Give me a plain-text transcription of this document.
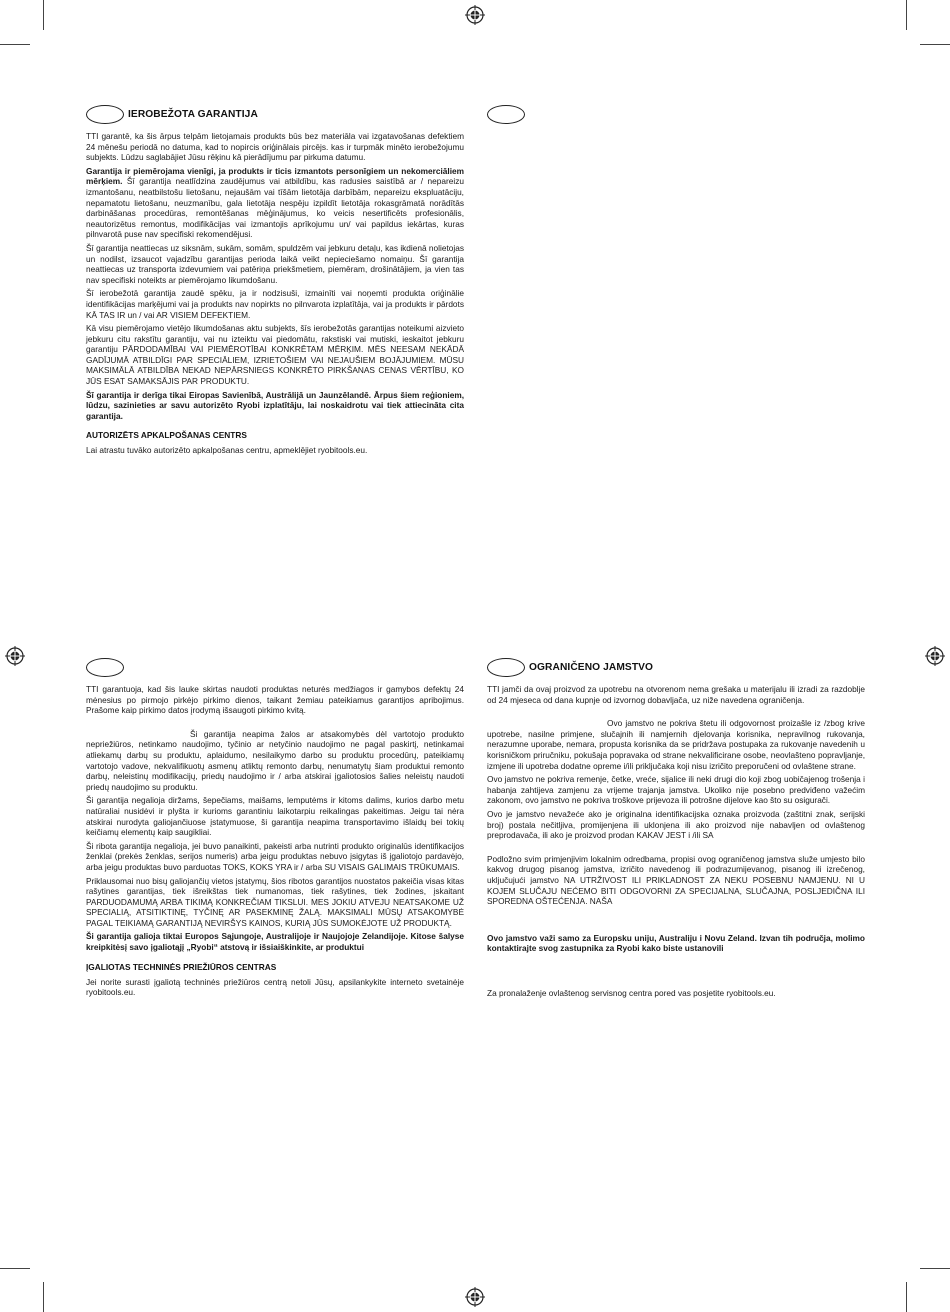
IEROBEŽOTA GARANTIJA

TTI garantē, ka šis ārpus telpām lietojamais produkts būs bez materiāla vai izgatavošanas defektiem 24 mēnešu periodā no datuma, kad to nopircis oriģinālais pircējs. kas ir turpmāk minēto ierobežojumu subjekts. Lūdzu saglabājiet Jūsu rēķinu kā pierādījumu par pirkuma datumu.

Garantija ir piemērojama vienīgi, ja produkts ir ticis izmantots personīgiem un nekomerciāliem mērķiem. Šī garantija neatlīdzina zaudējumus vai atbildību, kas radusies saistībā ar / nepareizu izmantošanu, neatbilstošu lietošanu, nejaušām vai tīšām lietotāja darbībām, nepareizu ekspluatāciju, nepamatotu lietošanu, neuzmanību, gala lietotāja nespēju izpildīt lietotāja rokasgrāmatā norādītās darbināšanas procedūras, remontēšanas mēģinājumus, ko veicis nesertificēts profesionālis, neautorizētus remontus, modifikācijas vai izmantojis aprīkojumu un/ vai papildus iekārtas, kuras pilnvarotā puse nav specifiski rekomendējusi.

Šī garantija neattiecas uz siksnām, sukām, somām, spuldzēm vai jebkuru detaļu, kas ikdienā nolietojas un nodilst, izsaucot vajadzību garantijas perioda laikā veikt nepieciešamo nomaiņu. Šī garantija neattiecas uz transporta izdevumiem vai patēriņa priekšmetiem, piemēram, drošinātājiem, ja vien tas nav specifiski noteikts ar piemērojamo likumdošanu.

Šī ierobežotā garantija zaudē spēku, ja ir nodzisuši, izmainīti vai noņemti produkta oriģinālie identifikācijas marķējumi vai ja produkts nav nopirkts no pilnvarota izplatītāja, vai ja produkts ir pārdots KĀ TAS IR un / vai AR VISIEM DEFEKTIEM.

Kā visu piemērojamo vietējo likumdošanas aktu subjekts, šīs ierobežotās garantijas noteikumi aizvieto jebkuru citu rakstītu garantiju, vai nu izteiktu vai piedomātu, rakstiski vai mutiski, ieskaitot jebkuru garantiju PĀRDODAMĪBAI VAI PIEMĒROTĪBAI KONKRĒTAM MĒRĶIM. MĒS NEESAM NEKĀDĀ GADĪJUMĀ ATBILDĪGI PAR SPECIĀLIEM, IZRIETOŠIEM VAI NEJAUŠIEM BOJĀJUMIEM. MŪSU MAKSIMĀLĀ ATBILDĪBA NEKAD NEPĀRSNIEGS KONKRĒTO PIRKŠANAS CENAS VĒRTĪBU, KO JŪS ESAT SAMAKSĀJIS PAR PRODUKTU.

Šī garantija ir derīga tikai Eiropas Savienībā, Austrālijā un Jaunzēlandē. Ārpus šiem reģioniem, lūdzu, sazinieties ar savu autorizēto Ryobi izplatītāju, lai noskaidrotu vai tiek attiecināta cita garantija.

AUTORIZĒTS APKALPOŠANAS CENTRS

Lai atrastu tuvāko autorizēto apkalpošanas centru, apmeklējiet ryobitools.eu.

TTI garantuoja, kad šis lauke skirtas naudoti produktas neturės medžiagos ir gamybos defektų 24 mėnesius po pirmojo pirkėjo pirkimo dienos, taikant žemiau pateikiamus garantijos apribojimus. Prašome kaip pirkimo datos įrodymą išsaugoti pirkimo kvitą.

Ši garantija neapima žalos ar atsakomybės dėl vartotojo produkto nepriežiūros, netinkamo naudojimo, tyčinio ar netyčinio naudojimo ne pagal paskirtį, netinkamai atliekamų darbų su produktu, aplaidumo, nesilaikymo darbo su produktu procedūrų, pateikiamų vartotojo vadove, nekvalifikuotų asmenų atliktų remonto darbų, nenumatytų šiam produktui remonto darbų, neleistinų modifikacijų, priedų naudojimo ir / arba atskirai įgaliotosios šalies neleistų naudoti priedų naudojimo su produktu.

Ši garantija negalioja diržams, šepečiams, maišams, lemputėms ir kitoms dalims, kurios darbo metu natūraliai nusidėvi ir plyšta ir kurioms garantiniu laikotarpiu reikalingas pakeitimas. Jeigu tai nėra atskirai nurodyta galiojančiuose įstatymuose, ši garantija neapima transportavimo išlaidų bei tokių keičiamų elementų kaip saugikliai.

Ši ribota garantija negalioja, jei buvo panaikinti, pakeisti arba nutrinti produkto originalūs identifikacijos ženklai (prekės ženklas, serijos numeris) arba jeigu produktas nebuvo įsigytas iš įgaliotojo pardavėjo, arba jeigu produktas buvo parduotas TOKS, KOKS YRA ir / arba SU VISAIS GALIMAIS TRŪKUMAIS.

Priklausomai nuo bisų galiojančių vietos įstatymų, šios ribotos garantijos nuostatos pakeičia visas kitas rašytines garantijas, tiek išreikštas tiek numanomas, tiek rašytines, tiek žodines, įskaitant PARDUODAMUMĄ ARBA TIKIMĄ KONKREČIAM TIKSLUI. MES JOKIU ATVEJU NEATSAKOME UŽ SPECIALIĄ, ATSITIKTINĘ, TYČINĘ AR PASEKMINĘ ŽALĄ. MAKSIMALI MŪSŲ ATSAKOMYBĖ PAGAL TEIKIAMĄ GARANTIJĄ NEVIRŠYS KAINOS, KURIĄ JŪS SUMOKĖJOTE UŽ PRODUKTĄ.

Ši garantija galioja tiktai Europos Sąjungoje, Australijoje ir Naujojoje Zelandijoje. Kitose šalyse kreipkitėsį savo įgaliotąjį „Ryobi“ atstovą ir išsiaiškinkite, ar produktui

ĮGALIOTAS TECHNINĖS PRIEŽIŪROS CENTRAS

Jei norite surasti įgaliotą techninės priežiūros centrą netoli Jūsų, apsilankykite interneto svetainėje ryobitools.eu.

OGRANIČENO JAMSTVO

TTI jamči da ovaj proizvod za upotrebu na otvorenom nema grešaka u materijalu ili izradi za razdoblje od 24 mjeseca od dana kupnje od izvornog dobavljača, uz niže navedena ograničenja.

Ovo jamstvo ne pokriva štetu ili odgovornost proizašle iz /zbog krive upotrebe, nasilne primjene, slučajnih ili namjernih djelovanja korisnika, nepravilnog rukovanja, nerazumne uporabe, nemara, propusta korisnika da se pridržava postupaka za rukovanje navedenih u korisničkom priručniku, pokušaja popravaka od strane nekvalificirane osobe, neovlašteno popravljanje, izmjene ili upotreba dodatne opreme i/ili priključaka koji nisu izričito preporučeni od ovlaštene strane.

Ovo jamstvo ne pokriva remenje, četke, vreće, sijalice ili neki drugi dio koji zbog uobičajenog trošenja i habanja zahtijeva zamjenu za vrijeme trajanja jamstva. Ukoliko nije posebno predviđeno važećim zakonom, ovo jamstvo ne pokriva troškove prijevoza ili potrošne dijelove kao što su osigurači.

Ovo je jamstvo nevažeće ako je originalna identifikacijska oznaka proizvoda (zaštitni znak, serijski broj) postala nečitljiva, promijenjena ili uklonjena ili ako proizvod nije nabavljen od ovlaštenog preprodavača, ili ako je proizvod prodan KAKAV JEST i /ili SA

Podložno svim primjenjivim lokalnim odredbama, propisi ovog ograničenog jamstva služe umjesto bilo kakvog drugog pisanog jamstva, izričito navedenog ili podrazumijevanog, pisanog ili izrečenog, uključujući jamstvo NA UTRŽIVOST ILI PRIKLADNOST ZA NEKU POSEBNU NAMJENU. NI U KOJEM SLUČAJU NEĆEMO BITI ODGOVORNI ZA SPECIJALNA, SLUČAJNA, POSLJEDIČNA ILI SPOREDNA OŠTEĆENJA. NAŠA

Ovo jamstvo važi samo za Europsku uniju, Australiju i Novu Zeland. Izvan tih područja, molimo kontaktirajte svog zastupnika za Ryobi kako biste ustanovili

Za pronalaženje ovlaštenog servisnog centra pored vas posjetite ryobitools.eu.
